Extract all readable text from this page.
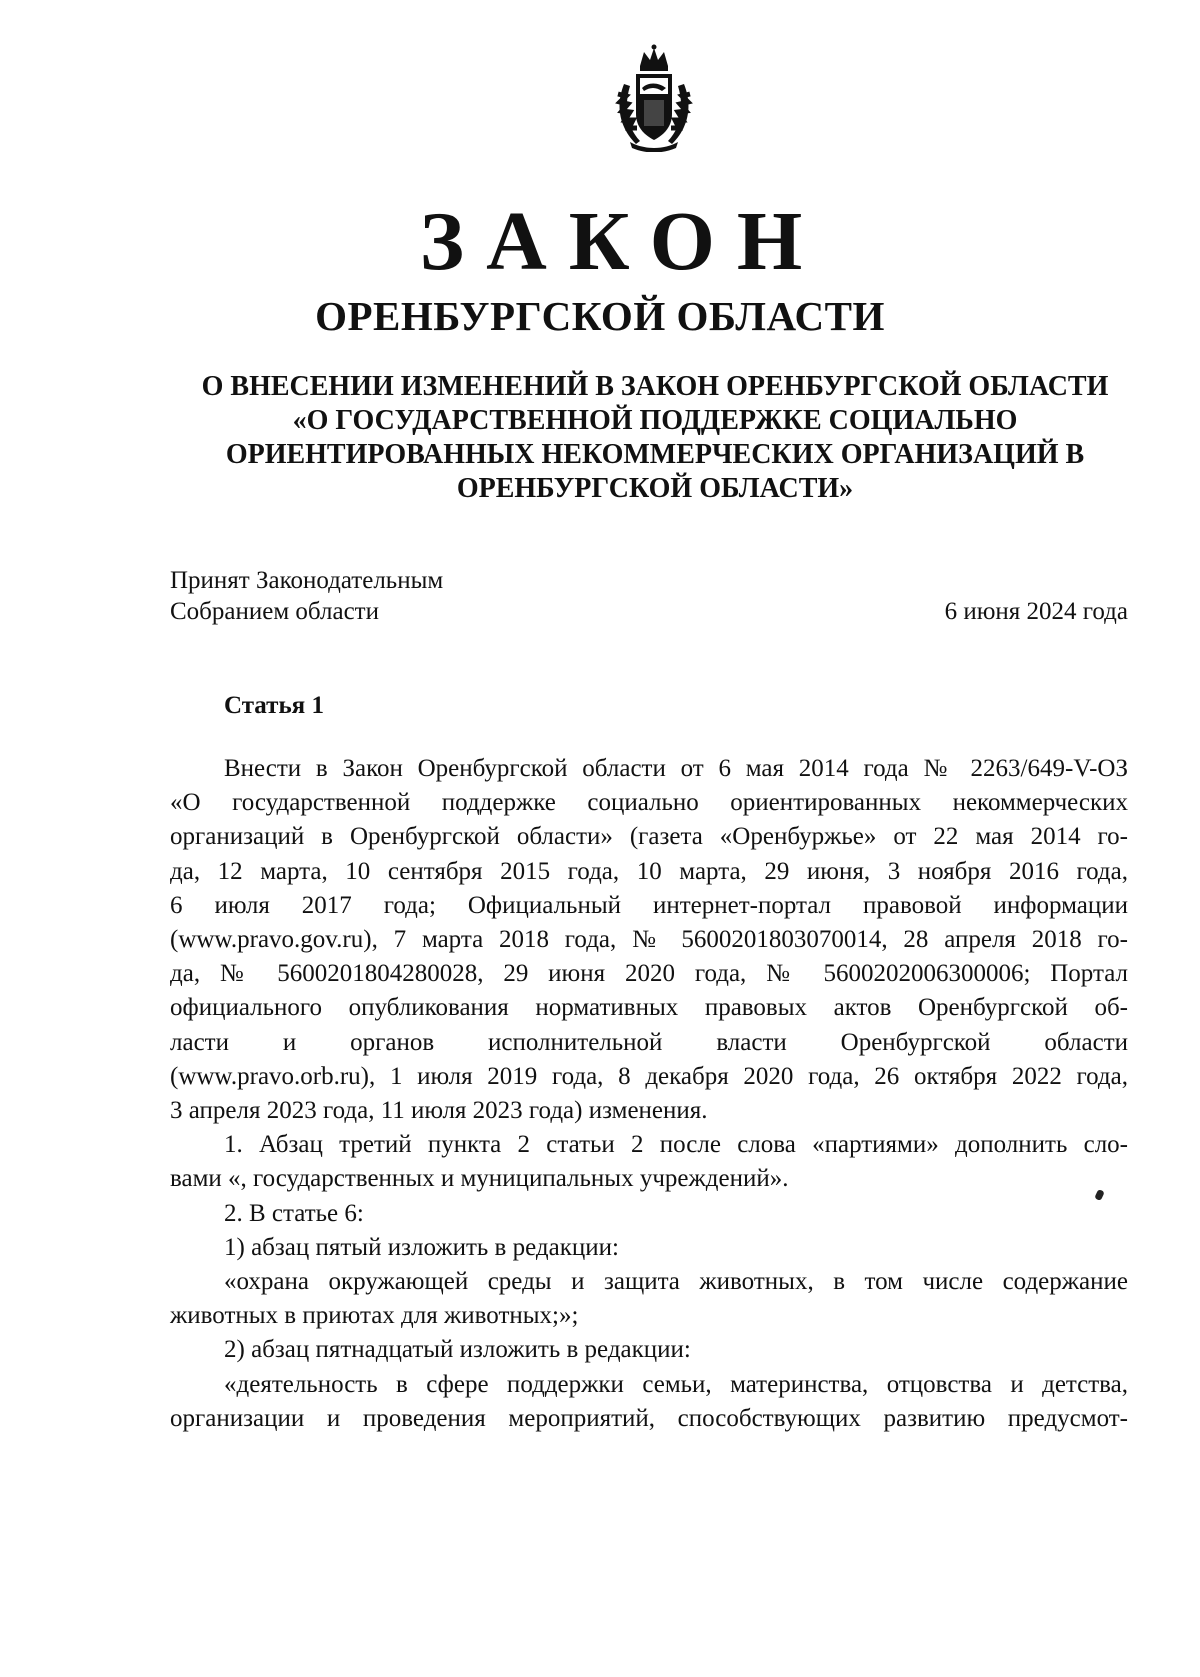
ЗАКОН
ОРЕНБУРГСКОЙ ОБЛАСТИ
О ВНЕСЕНИИ ИЗМЕНЕНИЙ В ЗАКОН ОРЕНБУРГСКОЙ ОБЛАСТИ
«О ГОСУДАРСТВЕННОЙ ПОДДЕРЖКЕ СОЦИАЛЬНО
ОРИЕНТИРОВАННЫХ НЕКОММЕРЧЕСКИХ ОРГАНИЗАЦИЙ В
ОРЕНБУРГСКОЙ ОБЛАСТИ»
Принят Законодательным
Собранием области	6 июня 2024 года
Статья 1
Внести в Закон Оренбургской области от 6 мая 2014 года № 2263/649-V-ОЗ
«О государственной поддержке социально ориентированных некоммерческих
организаций в Оренбургской области» (газета «Оренбуржье» от 22 мая 2014 го-
да, 12 марта, 10 сентября 2015 года, 10 марта, 29 июня, 3 ноября 2016 года,
6 июля 2017 года; Официальный интернет-портал правовой информации
(www.pravo.gov.ru), 7 марта 2018 года, № 5600201803070014, 28 апреля 2018 го-
да, № 5600201804280028, 29 июня 2020 года, № 5600202006300006; Портал
официального опубликования нормативных правовых актов Оренбургской об-
ласти и органов исполнительной власти Оренбургской области
(www.pravo.orb.ru), 1 июля 2019 года, 8 декабря 2020 года, 26 октября 2022 года,
3 апреля 2023 года, 11 июля 2023 года) изменения.
1. Абзац третий пункта 2 статьи 2 после слова «партиями» дополнить сло-
вами «, государственных и муниципальных учреждений».
2. В статье 6:
1) абзац пятый изложить в редакции:
«охрана окружающей среды и защита животных, в том числе содержание
животных в приютах для животных;»;
2) абзац пятнадцатый изложить в редакции:
«деятельность в сфере поддержки семьи, материнства, отцовства и детства,
организации и проведения мероприятий, способствующих развитию предусмот-
